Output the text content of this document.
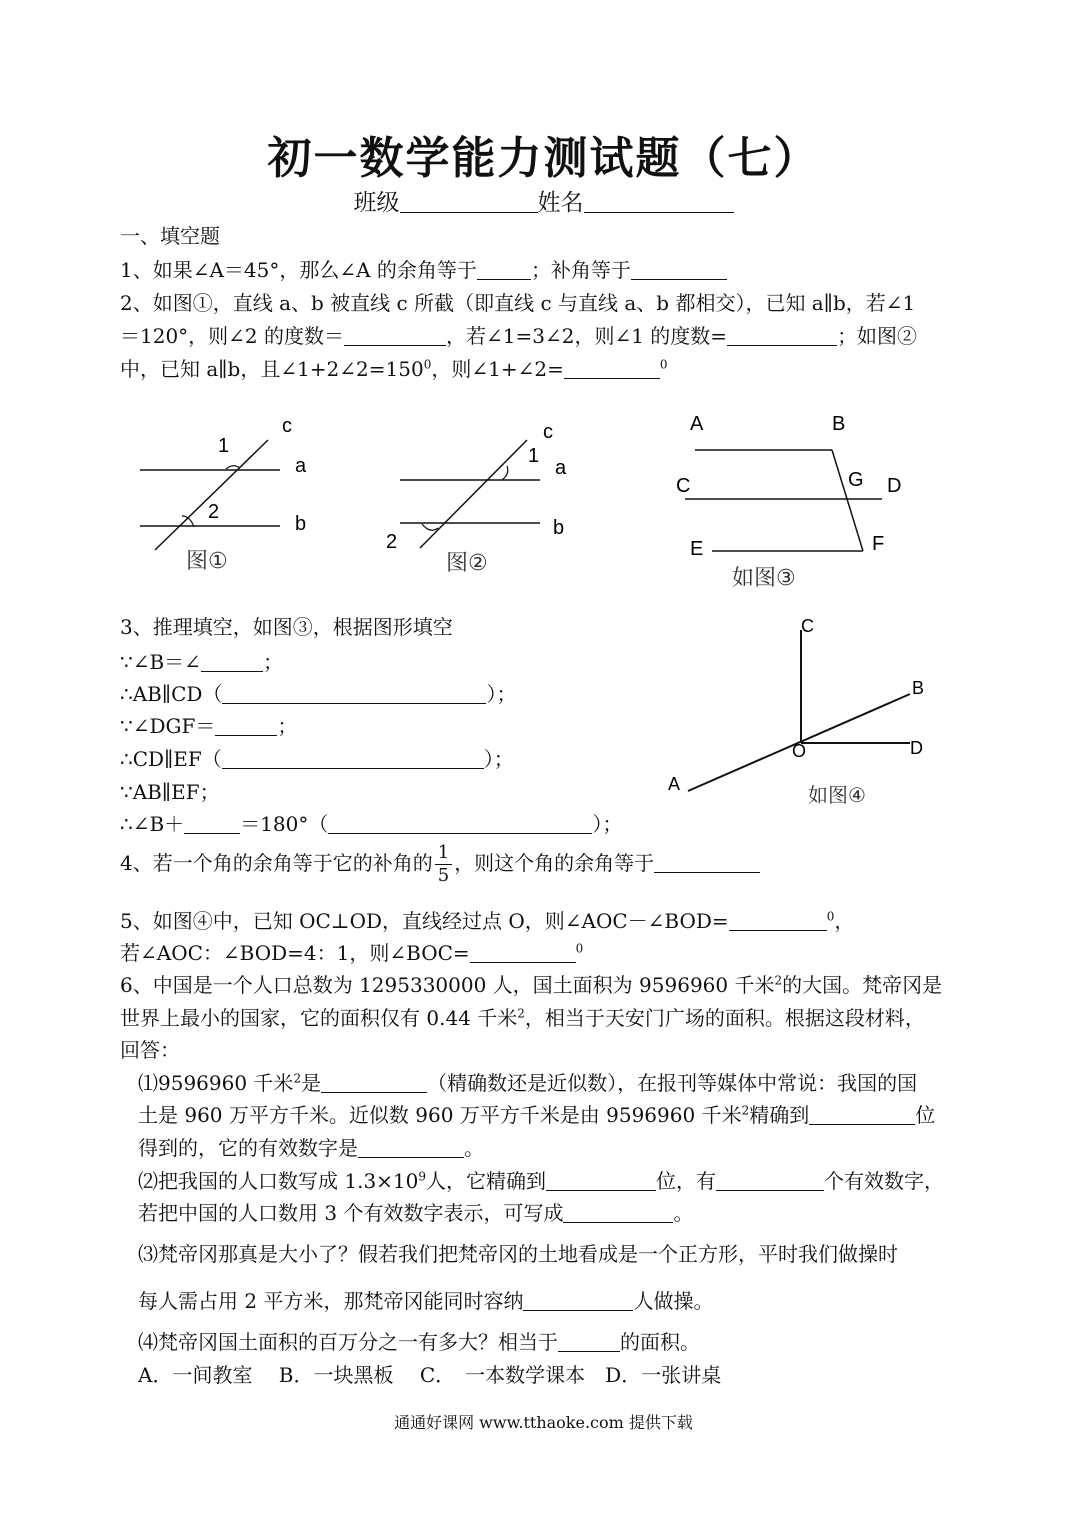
初一数学能力测试题（七）
班级	姓名
一、填空题
1、如果∠A＝45°，那么∠A 的余角等于	；补角等于
2、如图①，直线 a、b 被直线 c 所截（即直线 c 与直线 a、b 都相交），已知 a∥b，若∠1
＝120°，则∠2 的度数＝	，若∠1=3∠2，则∠1 的度数=	；如图②
中，已知 a∥b，且$\angle 1+2\angle 2=150^0$，则∠1+∠2=	$^0$
c
a
b
1
2
图①
c
a
b
1
2
图②
A	B
C	G D
E	F
如图③
3、推理填空，如图③，根据图形填空
∵∠B＝∠	；
∴AB∥CD（	）；
∵∠DGF＝	；
∴CD∥EF（	）；
∵AB∥EF；
∴∠B＋	＝180°（	）；
C
B
D
O
A
如图④
4、若一个角的余角等于它的补角的 $\frac{1}{5}$ ，则这个角的余角等于
5、如图④中，已知 OC⊥OD，直线经过点 O，则∠AOC－∠BOD=	$^0$，
若∠AOC：∠BOD=4：1，则∠BOC=	$^0$
6、中国是一个人口总数为 1295330000 人，国土面积为 9596960 千米$^2$的大国。梵帝冈是
世界上最小的国家，它的面积仅有 0.44 千米$^2$，相当于天安门广场的面积。根据这段材料，
回答：
⑴9596960 千米$^2$是	（精确数还是近似数），在报刊等媒体中常说：我国的国
土是 960 万平方千米。近似数 960 万平方千米是由 9596960 千米$^2$精确到	位
得到的，它的有效数字是	。
⑵把我国的人口数写成 $1.3\times 10^9$人，它精确到	位，有	个有效数字，
若把中国的人口数用 3 个有效数字表示，可写成	。
⑶梵帝冈那真是大小了？假若我们把梵帝冈的土地看成是一个正方形，平时我们做操时
每人需占用 2 平方米，那梵帝冈能同时容纳	人做操。
⑷梵帝冈国土面积的百万分之一有多大？相当于	的面积。
A．一间教室　 B．一块黑板　 C．　一本数学课本　D．一张讲桌
通通好课网 www.tthaoke.com 提供下载
